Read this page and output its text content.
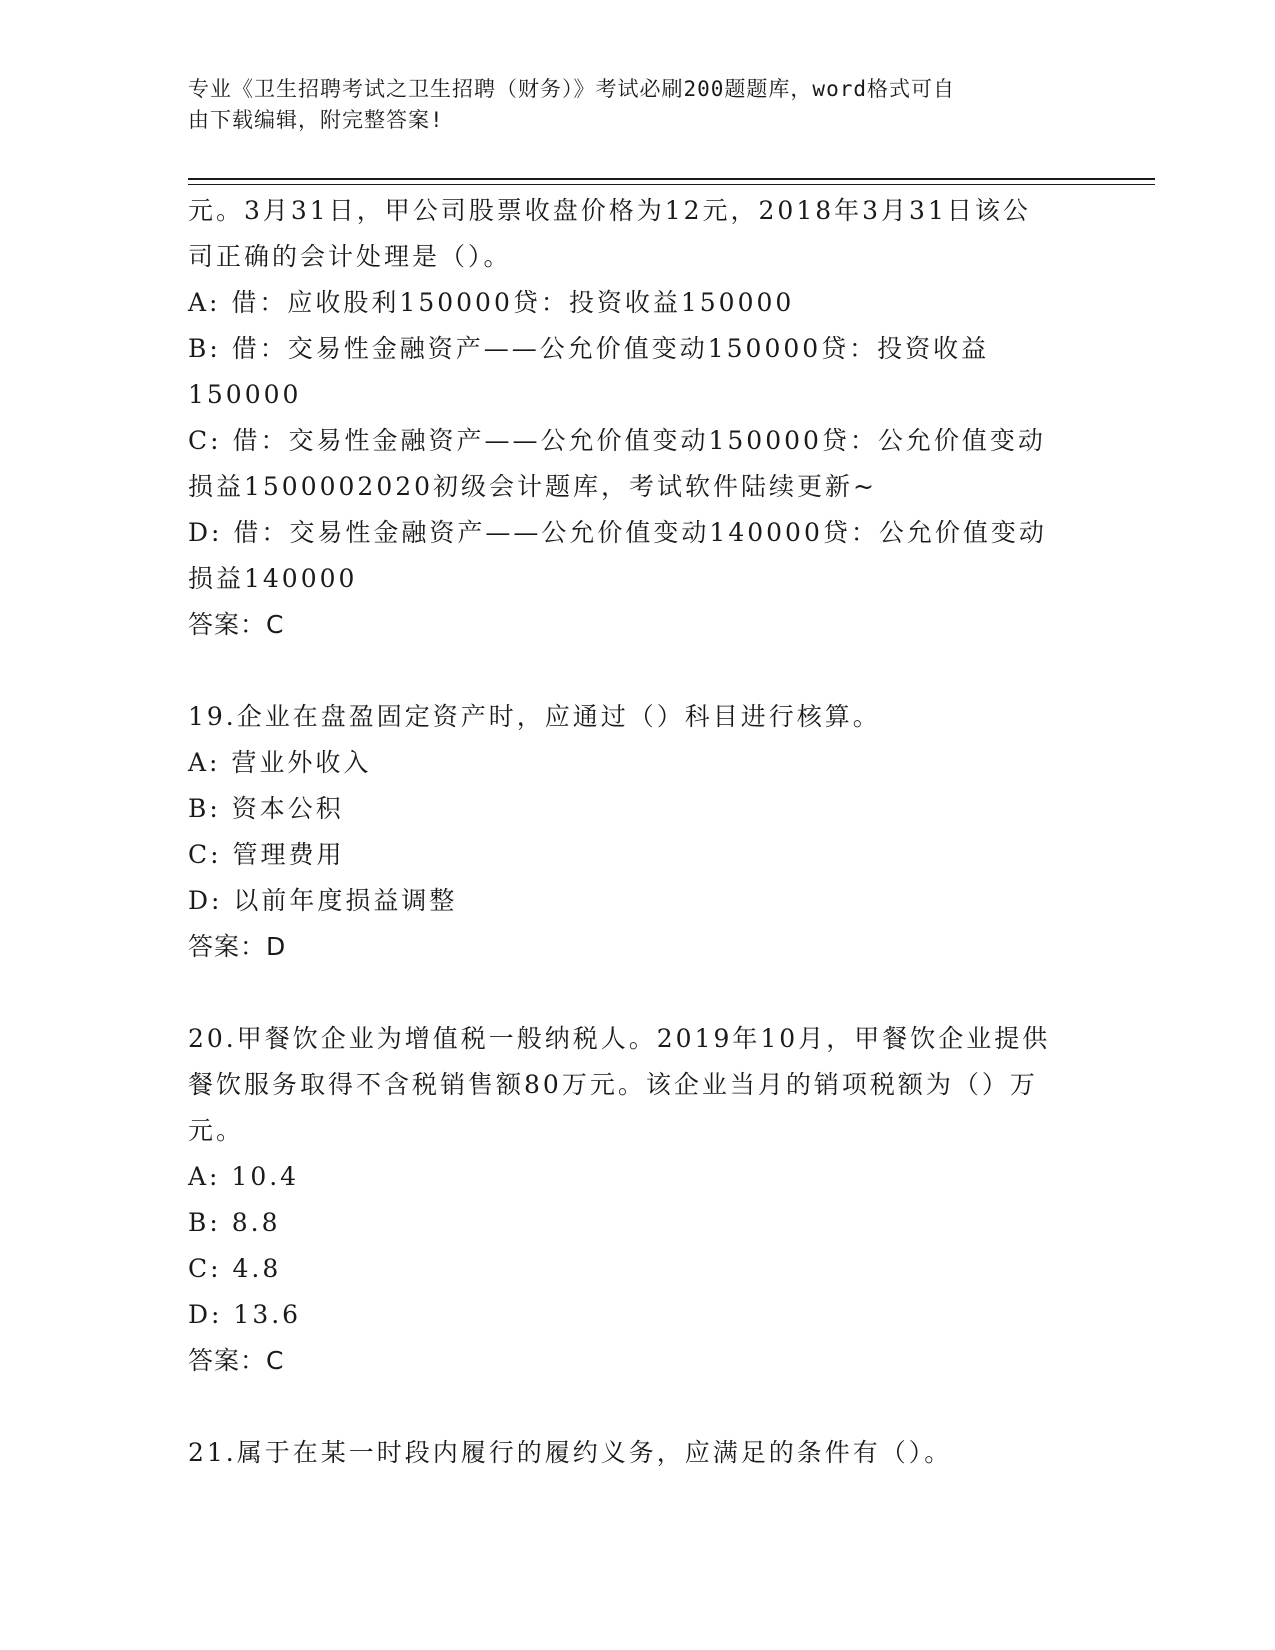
专业《卫生招聘考试之卫生招聘（财务）》考试必刷200题题库，word格式可自
由下载编辑，附完整答案!
元。3月31日，甲公司股票收盘价格为12元，2018年3月31日该公
司正确的会计处理是（）。
A: 借：应收股利150000贷：投资收益150000
B: 借：交易性金融资产——公允价值变动150000贷：投资收益
150000
C: 借：交易性金融资产——公允价值变动150000贷：公允价值变动
损益1500002020初级会计题库，考试软件陆续更新~
D: 借：交易性金融资产——公允价值变动140000贷：公允价值变动
损益140000
答案：C
19.企业在盘盈固定资产时，应通过（）科目进行核算。
A: 营业外收入
B: 资本公积
C: 管理费用
D: 以前年度损益调整
答案：D
20.甲餐饮企业为增值税一般纳税人。2019年10月，甲餐饮企业提供
餐饮服务取得不含税销售额80万元。该企业当月的销项税额为（）万
元。
A: 10.4
B: 8.8
C: 4.8
D: 13.6
答案：C
21.属于在某一时段内履行的履约义务，应满足的条件有（）。
